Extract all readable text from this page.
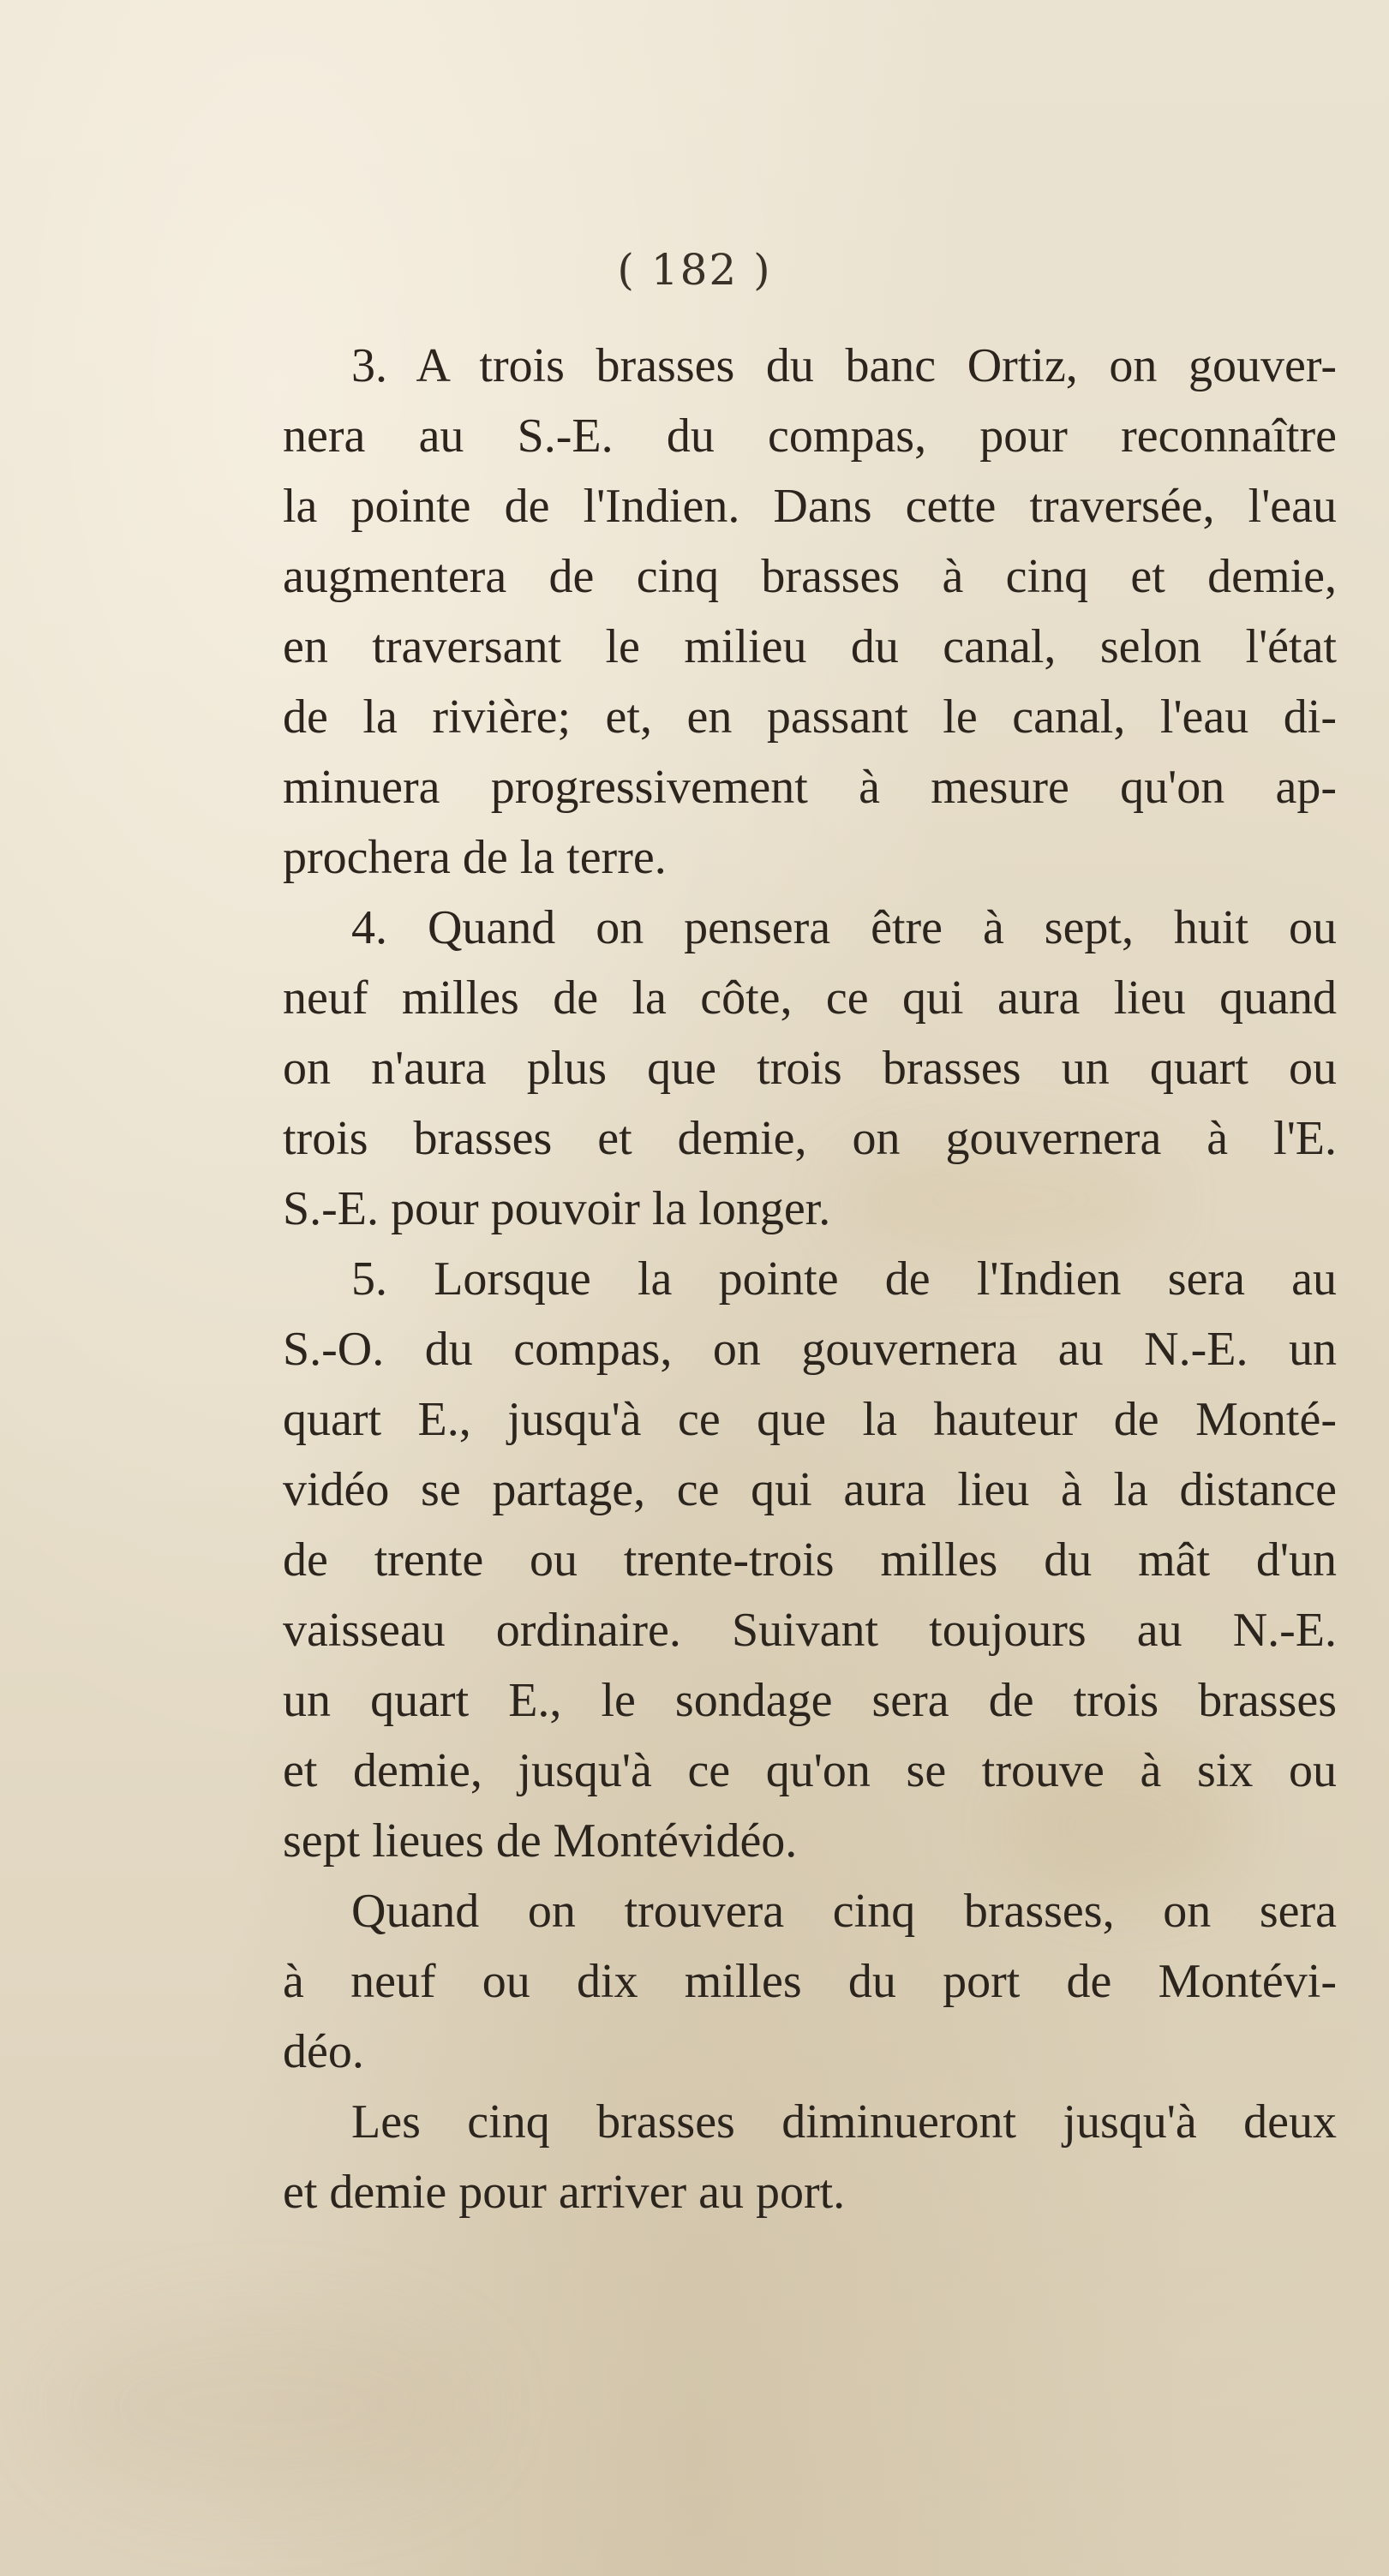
( 182 )
3. A trois brasses du banc Ortiz, on gouver-
nera au S.-E. du compas, pour reconnaître
la pointe de l'Indien. Dans cette traversée, l'eau
augmentera de cinq brasses à cinq et demie,
en traversant le milieu du canal, selon l'état
de la rivière; et, en passant le canal, l'eau di-
minuera progressivement à mesure qu'on ap-
prochera de la terre.
4. Quand on pensera être à sept, huit ou
neuf milles de la côte, ce qui aura lieu quand
on n'aura plus que trois brasses un quart ou
trois brasses et demie, on gouvernera à l'E.
S.-E. pour pouvoir la longer.
5. Lorsque la pointe de l'Indien sera au
S.-O. du compas, on gouvernera au N.-E. un
quart E., jusqu'à ce que la hauteur de Monté-
vidéo se partage, ce qui aura lieu à la distance
de trente ou trente-trois milles du mât d'un
vaisseau ordinaire. Suivant toujours au N.-E.
un quart E., le sondage sera de trois brasses
et demie, jusqu'à ce qu'on se trouve à six ou
sept lieues de Montévidéo.
Quand on trouvera cinq brasses, on sera
à neuf ou dix milles du port de Montévi-
déo.
Les cinq brasses diminueront jusqu'à deux
et demie pour arriver au port.
